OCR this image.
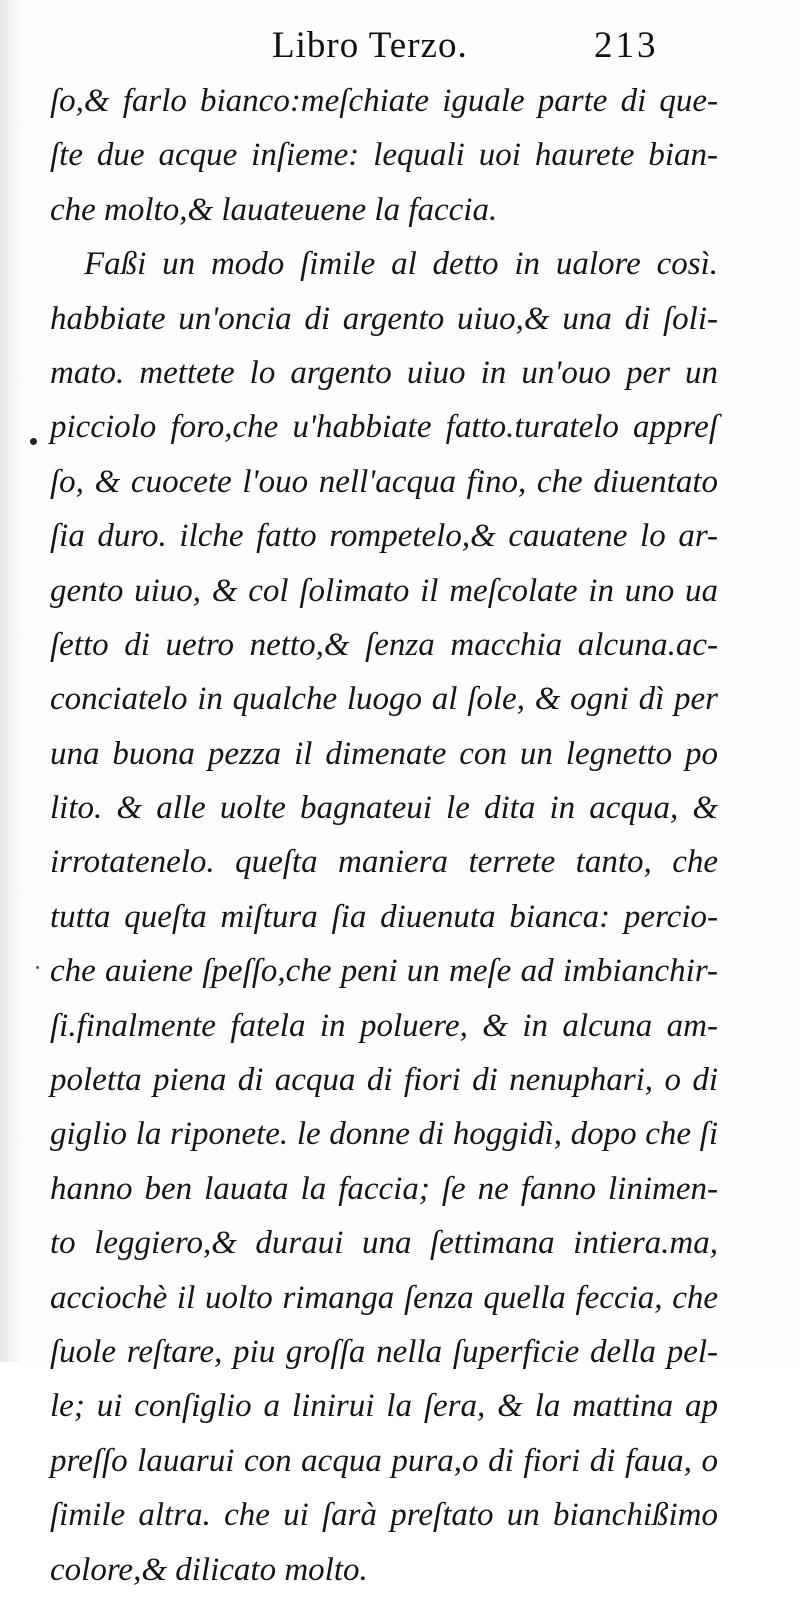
Libro Terzo.	213
ſo,& farlo bianco:meſchiate iguale parte di que-
ſte due acque inſieme: lequali uoi haurete bian-
che molto,& lauateuene la faccia.
Faßi un modo ſimile al detto in ualore così.
habbiate un'oncia di argento uiuo,& una di ſoli-
mato. mettete lo argento uiuo in un'ouo per un
picciolo foro,che u'habbiate fatto.turatelo appreſ
ſo, & cuocete l'ouo nell'acqua fino, che diuentato
ſia duro. ilche fatto rompetelo,& cauatene lo ar-
gento uiuo, & col ſolimato il meſcolate in uno ua
ſetto di uetro netto,& ſenza macchia alcuna.ac-
conciatelo in qualche luogo al ſole, & ogni dì per
una buona pezza il dimenate con un legnetto po
lito. & alle uolte bagnateui le dita in acqua, &
irrotatenelo. queſta maniera terrete tanto, che
tutta queſta miſtura ſia diuenuta bianca: percio-
che auiene ſpeſſo,che peni un meſe ad imbianchir-
ſi.finalmente fatela in poluere, & in alcuna am-
poletta piena di acqua di fiori di nenuphari, o di
giglio la riponete. le donne di hoggidì, dopo che ſi
hanno ben lauata la faccia; ſe ne fanno linimen-
to leggiero,& duraui una ſettimana intiera.ma,
acciochè il uolto rimanga ſenza quella feccia, che
ſuole reſtare, piu groſſa nella ſuperficie della pel-
le; ui conſiglio a linirui la ſera, & la mattina ap
preſſo lauarui con acqua pura,o di fiori di faua, o
ſimile altra. che ui ſarà preſtato un bianchißimo
colore,& dilicato molto.
